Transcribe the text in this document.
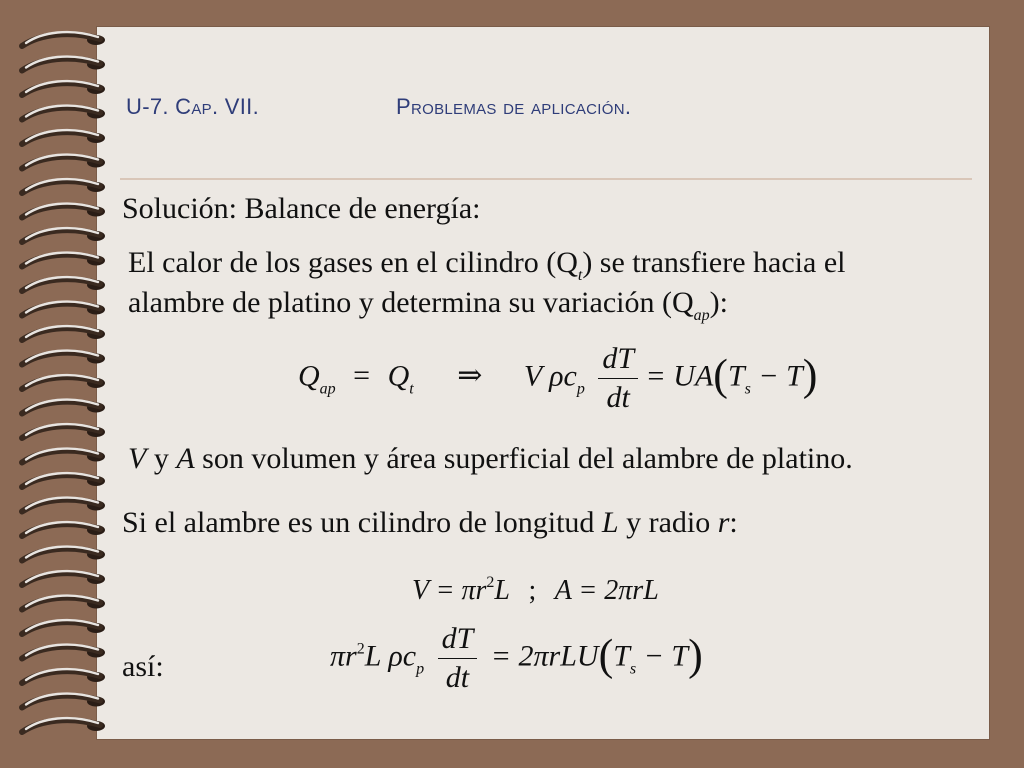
U-7. Cap. VII.	Problemas de aplicación.
Solución: Balance de energía:
El calor de los gases en el cilindro $(Q_t)$ se transfiere hacia el
alambre de platino y determina su variación $(Q_{ap})$:
$Q_{ap} = Q_t$ ⇒ V $\rho c_p \frac{dT}{dt} = UA(T_s - T)$
V y A son volumen y área superficial del alambre de platino.
Si el alambre es un cilindro de longitud L y radio r:
$V = \pi r^2L$ ; A = 2πrL
así:	$\pi r^2L$ $\rho c_p \frac{dT}{dt} = 2\pi rLU(T_s - T)$
